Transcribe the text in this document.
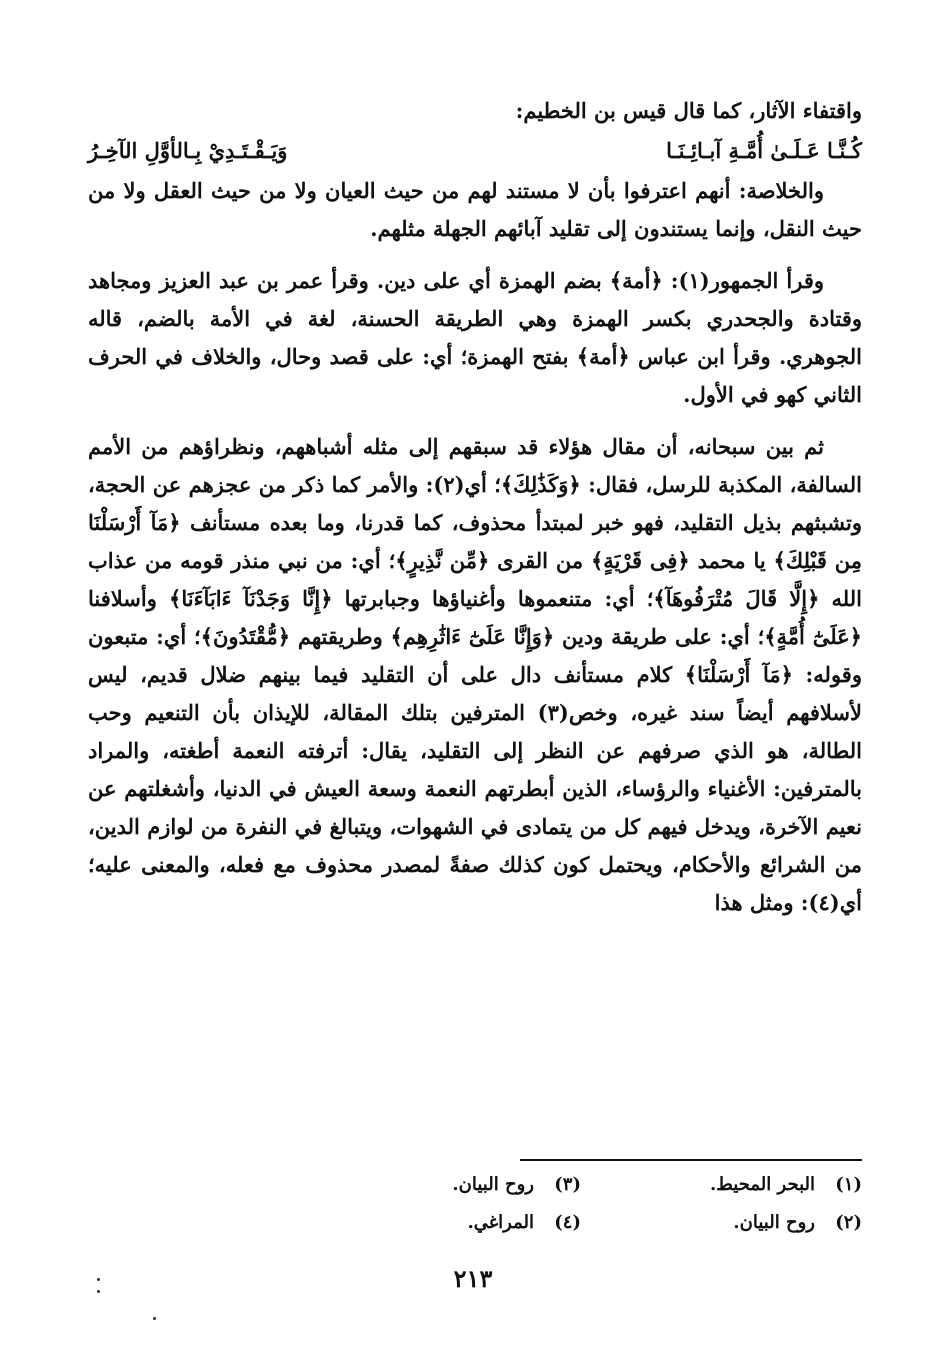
واقتفاء الآثار، كما قال قيس بن الخطيم:

كُـنَّـا عَـلَـىٰ أُمَّـةِ آبـائِـنَـا
وَيَـقْـتَـدِيْ بِـالأوَّلِ الآخِـرُ

والخلاصة: أنهم اعترفوا بأن لا مستند لهم من حيث العيان ولا من حيث العقل ولا من حيث النقل، وإنما يستندون إلى تقليد آبائهم الجهلة مثلهم.

وقرأ الجمهور(١): ﴿أمة﴾ بضم الهمزة أي على دين. وقرأ عمر بن عبد العزيز ومجاهد وقتادة والجحدري بكسر الهمزة وهي الطريقة الحسنة، لغة في الأمة بالضم، قاله الجوهري. وقرأ ابن عباس ﴿أمة﴾ بفتح الهمزة؛ أي: على قصد وحال، والخلاف في الحرف الثاني كهو في الأول.

ثم بين سبحانه، أن مقال هؤلاء قد سبقهم إلى مثله أشباههم، ونظراؤهم من الأمم السالفة، المكذبة للرسل، فقال: ﴿وَكَذَٰلِكَ﴾؛ أي(٢): والأمر كما ذكر من عجزهم عن الحجة، وتشبثهم بذيل التقليد، فهو خبر لمبتدأ محذوف، كما قدرنا، وما بعده مستأنف ﴿مَآ أَرْسَلْنَا مِن قَبْلِكَ﴾ يا محمد ﴿فِى قَرْيَةٍ﴾ من القرى ﴿مِّن نَّذِيرٍ﴾؛ أي: من نبي منذر قومه من عذاب الله ﴿إِلَّا قَالَ مُتْرَفُوهَآ﴾؛ أي: متنعموها وأغنياؤها وجبابرتها ﴿إِنَّا وَجَدْنَآ ءَابَآءَنَا﴾ وأسلافنا ﴿عَلَىٰٓ أُمَّةٍ﴾؛ أي: على طريقة ودين ﴿وَإِنَّا عَلَىٰٓ ءَاثَٰرِهِم﴾ وطريقتهم ﴿مُّقْتَدُونَ﴾؛ أي: متبعون وقوله: ﴿مَآ أَرْسَلْنَا﴾ كلام مستأنف دال على أن التقليد فيما بينهم ضلال قديم، ليس لأسلافهم أيضاً سند غيره، وخص(٣) المترفين بتلك المقالة، للإيذان بأن التنعيم وحب الطالة، هو الذي صرفهم عن النظر إلى التقليد، يقال: أترفته النعمة أطغته، والمراد بالمترفين: الأغنياء والرؤساء، الذين أبطرتهم النعمة وسعة العيش في الدنيا، وأشغلتهم عن نعيم الآخرة، ويدخل فيهم كل من يتمادى في الشهوات، ويتبالغ في النفرة من لوازم الدين، من الشرائع والأحكام، ويحتمل كون كذلك صفةً لمصدر محذوف مع فعله، والمعنى عليه؛ أي(٤): ومثل هذا

(١) البحر المحيط.
(٣) روح البيان.
(٢) روح البيان.
(٤) المراغي.
٢١٣
